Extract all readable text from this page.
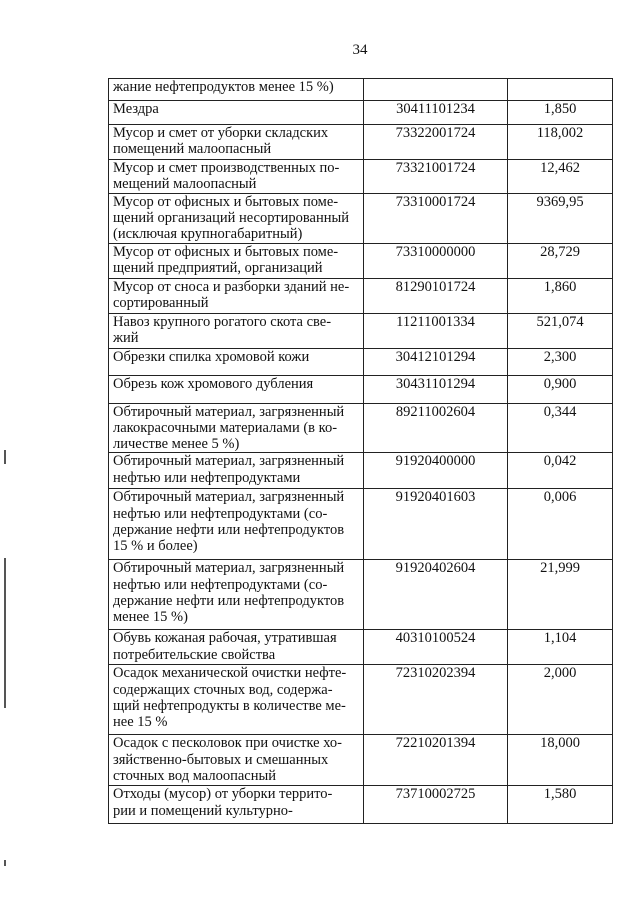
34
жание нефтепродуктов менее 15 %)		
Мездра	30411101234	1,850
Мусор и смет от уборки складских
помещений малоопасный	73322001724	118,002
Мусор и смет производственных по-
мещений малоопасный	73321001724	12,462
Мусор от офисных и бытовых поме-
щений организаций несортированный
(исключая крупногабаритный)	73310001724	9369,95
Мусор от офисных и бытовых поме-
щений предприятий, организаций	73310000000	28,729
Мусор от сноса и разборки зданий не-
сортированный	81290101724	1,860
Навоз крупного рогатого скота све-
жий	11211001334	521,074
Обрезки спилка хромовой кожи	30412101294	2,300
Обрезь кож хромового дубления	30431101294	0,900
Обтирочный материал, загрязненный
лакокрасочными материалами (в ко-
личестве менее 5 %)	89211002604	0,344
Обтирочный материал, загрязненный
нефтью или нефтепродуктами	91920400000	0,042
Обтирочный материал, загрязненный
нефтью или нефтепродуктами (со-
держание нефти или нефтепродуктов
15 % и более)	91920401603	0,006
Обтирочный материал, загрязненный
нефтью или нефтепродуктами (со-
держание нефти или нефтепродуктов
менее 15 %)	91920402604	21,999
Обувь кожаная рабочая, утратившая
потребительские свойства	40310100524	1,104
Осадок механической очистки нефте-
содержащих сточных вод, содержа-
щий нефтепродукты в количестве ме-
нее 15 %	72310202394	2,000
Осадок с песколовок при очистке хо-
зяйственно-бытовых и смешанных
сточных вод малоопасный	72210201394	18,000
Отходы (мусор) от уборки террито-
рии и помещений культурно-	73710002725	1,580
